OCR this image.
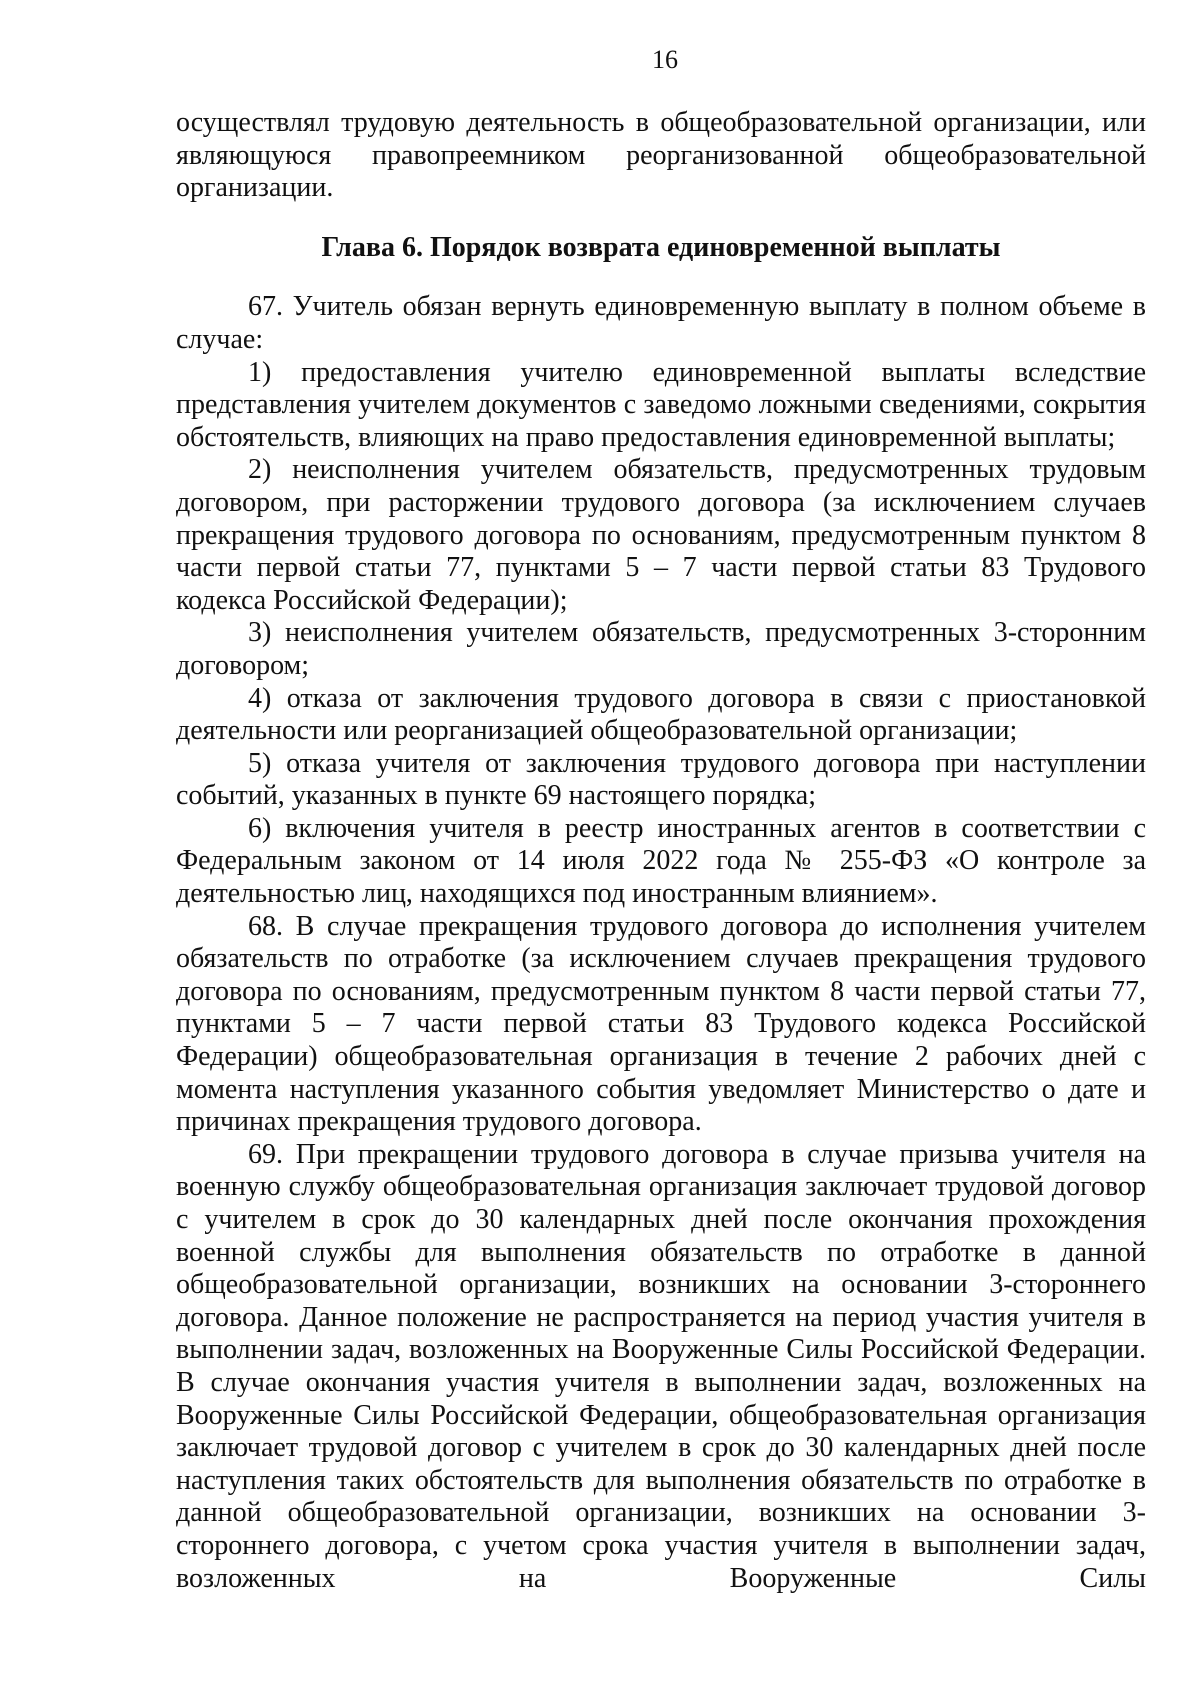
16

осуществлял трудовую деятельность в общеобразовательной организации, или являющуюся правопреемником реорганизованной общеобразовательной организации.

Глава 6. Порядок возврата единовременной выплаты

67. Учитель обязан вернуть единовременную выплату в полном объеме в случае:

1) предоставления учителю единовременной выплаты вследствие представления учителем документов с заведомо ложными сведениями, сокрытия обстоятельств, влияющих на право предоставления единовременной выплаты;

2) неисполнения учителем обязательств, предусмотренных трудовым договором, при расторжении трудового договора (за исключением случаев прекращения трудового договора по основаниям, предусмотренным пунктом 8 части первой статьи 77, пунктами 5 – 7 части первой статьи 83 Трудового кодекса Российской Федерации);

3) неисполнения учителем обязательств, предусмотренных 3-сторонним договором;

4) отказа от заключения трудового договора в связи с приостановкой деятельности или реорганизацией общеобразовательной организации;

5) отказа учителя от заключения трудового договора при наступлении событий, указанных в пункте 69 настоящего порядка;

6) включения учителя в реестр иностранных агентов в соответствии с Федеральным законом от 14 июля 2022 года № 255-ФЗ «О контроле за деятельностью лиц, находящихся под иностранным влиянием».

68. В случае прекращения трудового договора до исполнения учителем обязательств по отработке (за исключением случаев прекращения трудового договора по основаниям, предусмотренным пунктом 8 части первой статьи 77, пунктами 5 – 7 части первой статьи 83 Трудового кодекса Российской Федерации) общеобразовательная организация в течение 2 рабочих дней с момента наступления указанного события уведомляет Министерство о дате и причинах прекращения трудового договора.

69. При прекращении трудового договора в случае призыва учителя на военную службу общеобразовательная организация заключает трудовой договор с учителем в срок до 30 календарных дней после окончания прохождения военной службы для выполнения обязательств по отработке в данной общеобразовательной организации, возникших на основании 3-стороннего договора. Данное положение не распространяется на период участия учителя в выполнении задач, возложенных на Вооруженные Силы Российской Федерации. В случае окончания участия учителя в выполнении задач, возложенных на Вооруженные Силы Российской Федерации, общеобразовательная организация заключает трудовой договор с учителем в срок до 30 календарных дней после наступления таких обстоятельств для выполнения обязательств по отработке в данной общеобразовательной организации, возникших на основании 3-стороннего договора, с учетом срока участия учителя в выполнении задач, возложенных на Вооруженные Силы
